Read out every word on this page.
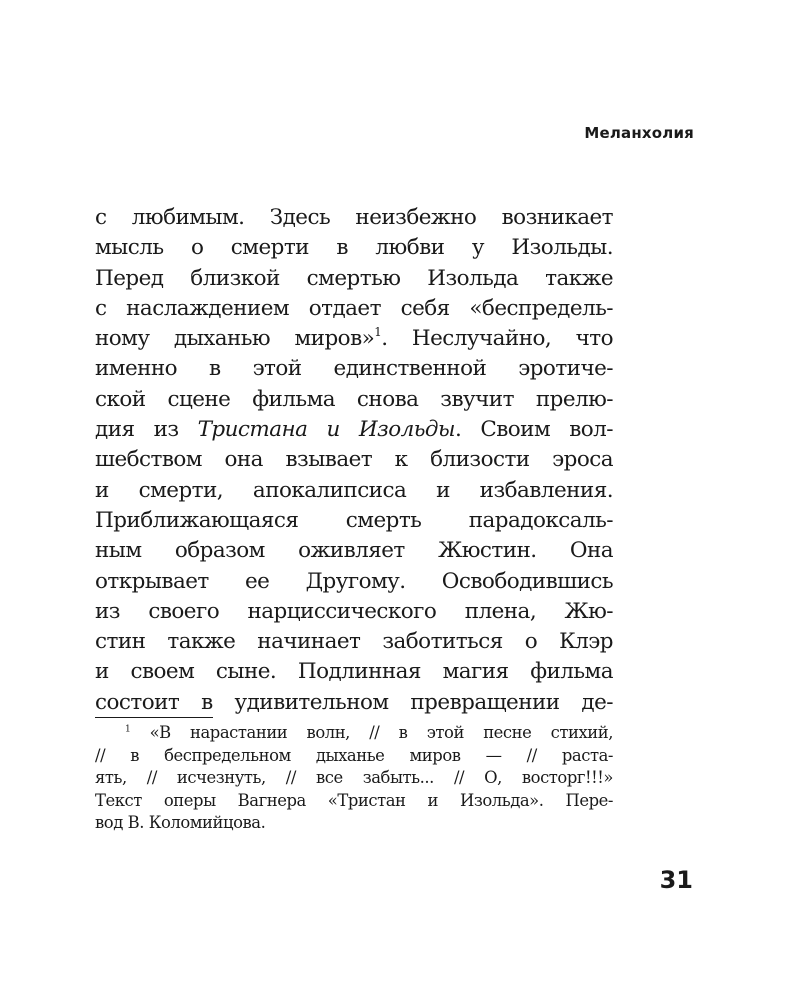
Меланхолия
с любимым. Здесь неизбежно возникает
мысль о смерти в любви у Изольды.
Перед близкой смертью Изольда также
с наслаждением отдает себя «беспредель-
ному дыханью миров»$^1$. Неслучайно, что
именно в этой единственной эротиче-
ской сцене фильма снова звучит прелю-
дия из Тристана и Изольды. Своим вол-
шебством она взывает к близости эроса
и смерти, апокалипсиса и избавления.
Приближающаяся смерть парадоксаль-
ным образом оживляет Жюстин. Она
открывает ее Другому. Освободившись
из своего нарциссического плена, Жю-
стин также начинает заботиться о Клэр
и своем сыне. Подлинная магия фильма
состоит в удивительном превращении де-
$^1$ «В нарастании волн, // в этой песне стихий,
// в беспредельном дыханье миров — // раста-
ять, // исчезнуть, // все забыть... // О, восторг!!!»
Текст оперы Вагнера «Тристан и Изольда». Пере-
вод В. Коломийцова.
31
